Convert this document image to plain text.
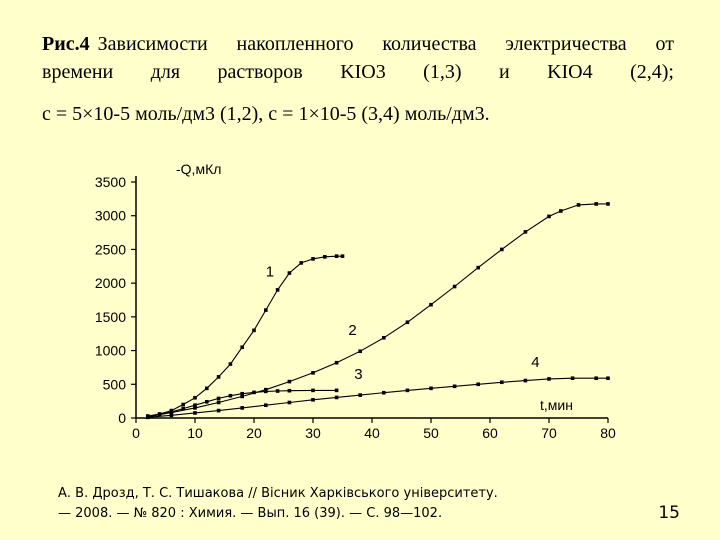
Рис.4 Зависимости накопленного количества электричества от
времени для растворов KIO3 (1,3) и KIO4 (2,4);
c = 5×10-5 моль/дм3 (1,2), c = 1×10-5 (3,4) моль/дм3.
0
500
1000
1500
2000
2500
3000
3500
0	10	20	30	40	50	60	70	80
-Q,мКл
t,мин
1
2
3
4
А. В. Дрозд, Т. С. Тишакова // Вісник Харківського університету.
— 2008. — № 820 : Химия. — Вып. 16 (39). — С. 98—102.	15
